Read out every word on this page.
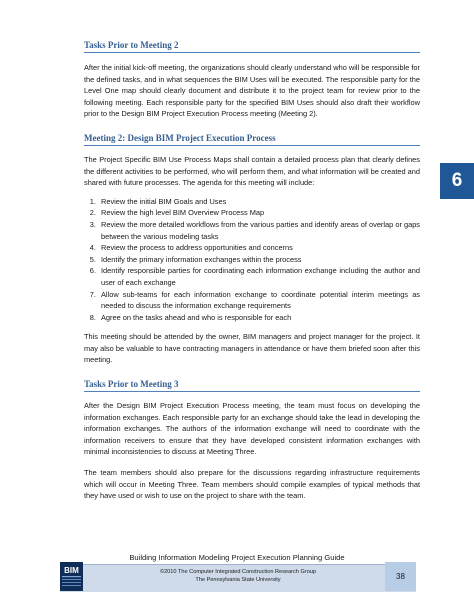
Tasks Prior to Meeting 2

After the initial kick-off meeting, the organizations should clearly understand who will be responsible for the defined tasks, and in what sequences the BIM Uses will be executed. The responsible party for the Level One map should clearly document and distribute it to the project team for review prior to the following meeting. Each responsible party for the specified BIM Uses should also draft their workflow prior to the Design BIM Project Execution Process meeting (Meeting 2).

Meeting 2: Design BIM Project Execution Process

The Project Specific BIM Use Process Maps shall contain a detailed process plan that clearly defines the different activities to be performed, who will perform them, and what information will be created and shared with future processes. The agenda for this meeting will include:

1. Review the initial BIM Goals and Uses
2. Review the high level BIM Overview Process Map
3. Review the more detailed workflows from the various parties and identify areas of overlap or gaps between the various modeling tasks
4. Review the process to address opportunities and concerns
5. Identify the primary information exchanges within the process
6. Identify responsible parties for coordinating each information exchange including the author and user of each exchange
7. Allow sub-teams for each information exchange to coordinate potential interim meetings as needed to discuss the information exchange requirements
8. Agree on the tasks ahead and who is responsible for each

This meeting should be attended by the owner, BIM managers and project manager for the project. It may also be valuable to have contracting managers in attendance or have them briefed soon after this meeting.

Tasks Prior to Meeting 3

After the Design BIM Project Execution Process meeting, the team must focus on developing the information exchanges. Each responsible party for an exchange should take the lead in developing the information exchanges. The authors of the information exchange will need to coordinate with the information receivers to ensure that they have developed consistent information exchanges with minimal inconsistencies to discuss at Meeting Three.

The team members should also prepare for the discussions regarding infrastructure requirements which will occur in Meeting Three. Team members should compile examples of typical methods that they have used or wish to use on the project to share with the team.

6
Building Information Modeling Project Execution Planning Guide
©2010 The Computer Integrated Construction Research Group
The Pennsylvania State University	38
BIM
